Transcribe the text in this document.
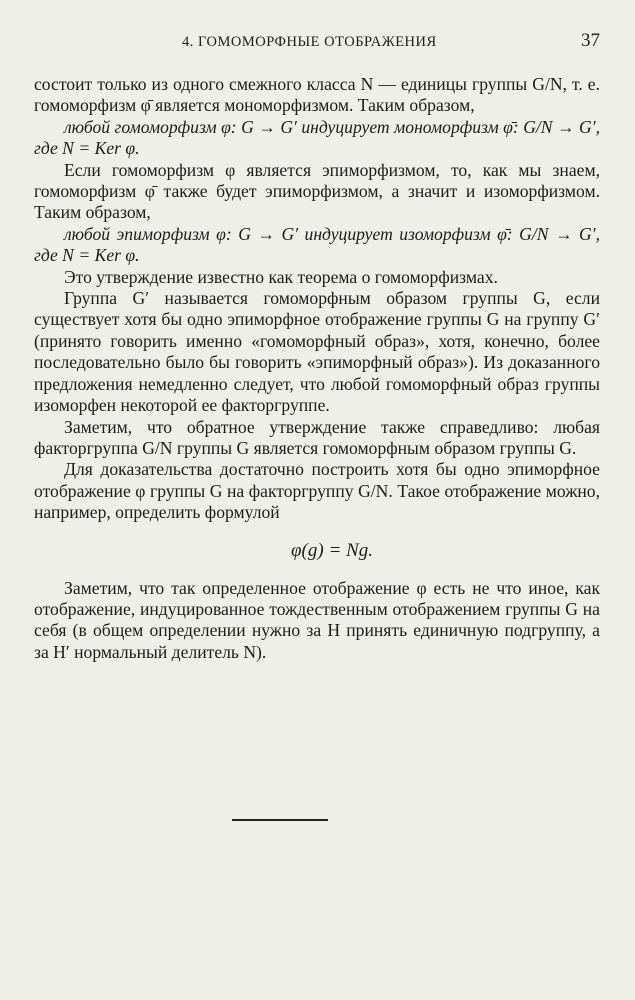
4. ГОМОМОРФНЫЕ ОТОБРАЖЕНИЯ	37

состоит только из одного смежного класса N — единицы группы G/N, т. е. гомоморфизм φ̄ является мономорфизмом. Таким образом,

любой гомоморфизм φ: G → G′ индуцирует мономорфизм φ̄: G/N → G′, где N = Ker φ.

Если гомоморфизм φ является эпиморфизмом, то, как мы знаем, гомоморфизм φ̄ также будет эпиморфизмом, а значит и изоморфизмом. Таким образом,

любой эпиморфизм φ: G → G′ индуцирует изоморфизм φ̄: G/N → G′, где N = Ker φ.

Это утверждение известно как теорема о гомоморфизмах.

Группа G′ называется гомоморфным образом группы G, если существует хотя бы одно эпиморфное отображение группы G на группу G′ (принято говорить именно «гомоморфный образ», хотя, конечно, более последовательно было бы говорить «эпиморфный образ»). Из доказанного предложения немедленно следует, что любой гомоморфный образ группы изоморфен некоторой ее факторгруппе.

Заметим, что обратное утверждение также справедливо: любая факторгруппа G/N группы G является гомоморфным образом группы G.

Для доказательства достаточно построить хотя бы одно эпиморфное отображение φ группы G на факторгруппу G/N. Такое отображение можно, например, определить формулой

φ(g) = Ng.

Заметим, что так определенное отображение φ есть не что иное, как отображение, индуцированное тождественным отображением группы G на себя (в общем определении нужно за H принять единичную подгруппу, а за H′ нормальный делитель N).
